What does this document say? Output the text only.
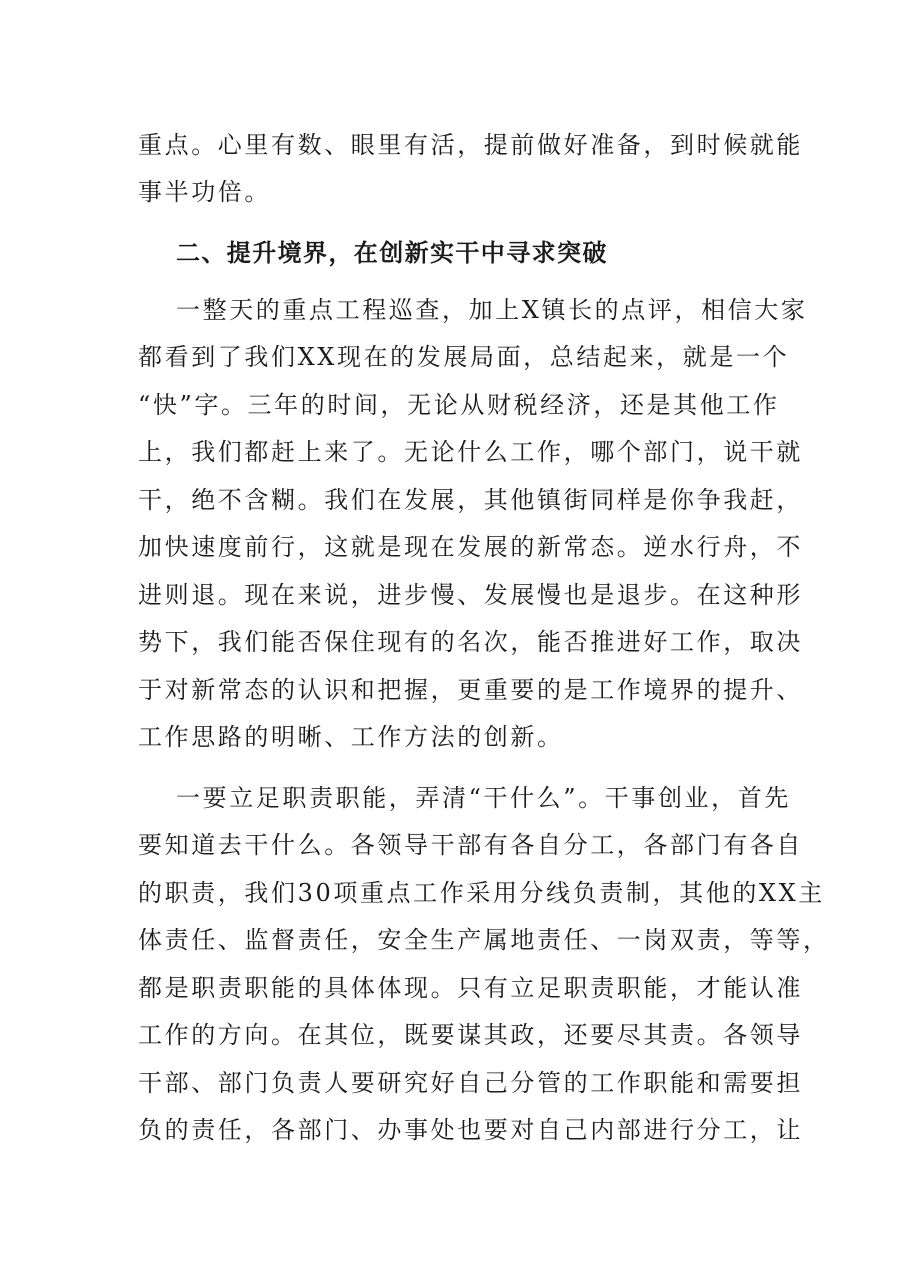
重点。心里有数、眼里有活，提前做好准备，到时候就能
事半功倍。
二、提升境界，在创新实干中寻求突破
一整天的重点工程巡查，加上X镇长的点评，相信大家
都看到了我们XX现在的发展局面，总结起来，就是一个
“快”字。三年的时间，无论从财税经济，还是其他工作
上，我们都赶上来了。无论什么工作，哪个部门，说干就
干，绝不含糊。我们在发展，其他镇街同样是你争我赶，
加快速度前行，这就是现在发展的新常态。逆水行舟，不
进则退。现在来说，进步慢、发展慢也是退步。在这种形
势下，我们能否保住现有的名次，能否推进好工作，取决
于对新常态的认识和把握，更重要的是工作境界的提升、
工作思路的明晰、工作方法的创新。
一要立足职责职能，弄清“干什么”。干事创业，首先
要知道去干什么。各领导干部有各自分工，各部门有各自
的职责，我们30项重点工作采用分线负责制，其他的XX主
体责任、监督责任，安全生产属地责任、一岗双责，等等，
都是职责职能的具体体现。只有立足职责职能，才能认准
工作的方向。在其位，既要谋其政，还要尽其责。各领导
干部、部门负责人要研究好自己分管的工作职能和需要担
负的责任，各部门、办事处也要对自己内部进行分工，让
